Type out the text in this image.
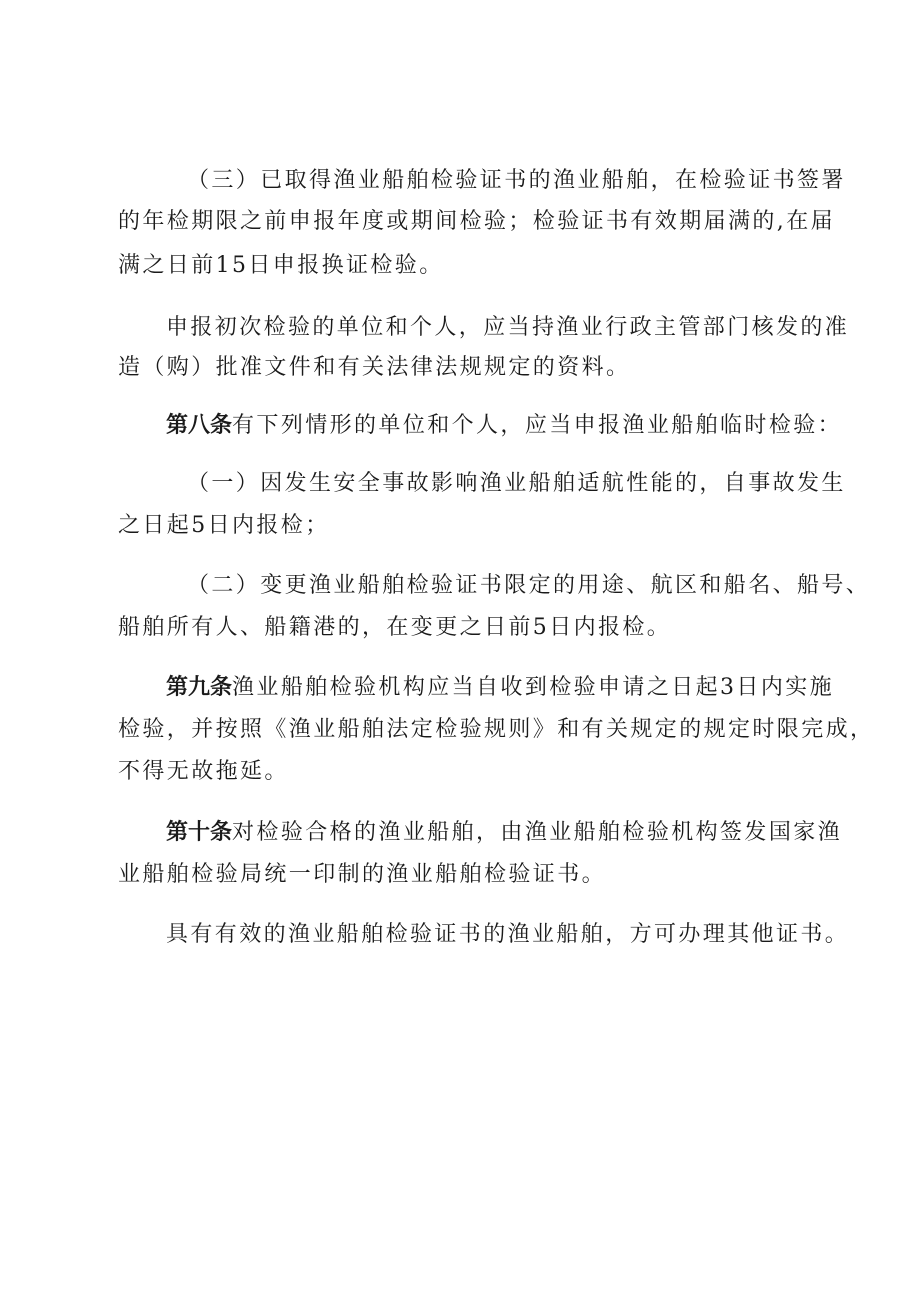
（三）已取得渔业船舶检验证书的渔业船舶，在检验证书签署
的年检期限之前申报年度或期间检验；检验证书有效期届满的,在届
满之日前15日申报换证检验。
申报初次检验的单位和个人，应当持渔业行政主管部门核发的准
造（购）批准文件和有关法律法规规定的资料。
第八条有下列情形的单位和个人，应当申报渔业船舶临时检验：
（一）因发生安全事故影响渔业船舶适航性能的，自事故发生
之日起5日内报检；
（二）变更渔业船舶检验证书限定的用途、航区和船名、船号、
船舶所有人、船籍港的，在变更之日前5日内报检。
第九条渔业船舶检验机构应当自收到检验申请之日起3日内实施
检验，并按照《渔业船舶法定检验规则》和有关规定的规定时限完成，
不得无故拖延。
第十条对检验合格的渔业船舶，由渔业船舶检验机构签发国家渔
业船舶检验局统一印制的渔业船舶检验证书。
具有有效的渔业船舶检验证书的渔业船舶，方可办理其他证书。
